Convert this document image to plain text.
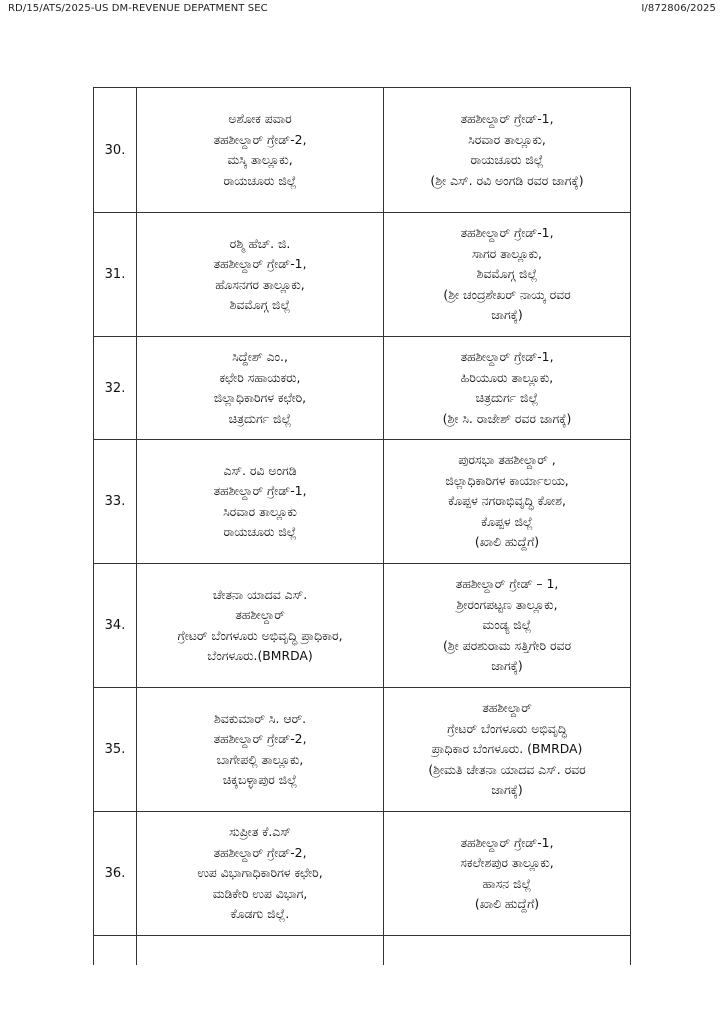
RD/15/ATS/2025-US DM-REVENUE DEPATMENT SEC	I/872806/2025
30.	ಅಶೋಕ ಪವಾರ
ತಹಶೀಲ್ದಾರ್ ಗ್ರೇಡ್-2,
ಮಸ್ಕಿ ತಾಲ್ಲೂಕು,
ರಾಯಚೂರು ಜಿಲ್ಲೆ	ತಹಶೀಲ್ದಾರ್ ಗ್ರೇಡ್-1,
ಸಿರವಾರ ತಾಲ್ಲೂಕು,
ರಾಯಚೂರು ಜಿಲ್ಲೆ
(ಶ್ರೀ ಎಸ್. ರವಿ ಅಂಗಡಿ ರವರ ಜಾಗಕ್ಕೆ)

31.	ರಶ್ಮಿ ಹೆಚ್. ಜಿ.
ತಹಶೀಲ್ದಾರ್ ಗ್ರೇಡ್-1,
ಹೊಸನಗರ ತಾಲ್ಲೂಕು,
ಶಿವಮೊಗ್ಗ ಜಿಲ್ಲೆ	ತಹಶೀಲ್ದಾರ್ ಗ್ರೇಡ್-1,
ಸಾಗರ ತಾಲ್ಲೂಕು,
ಶಿವಮೊಗ್ಗ ಜಿಲ್ಲೆ
(ಶ್ರೀ ಚಂದ್ರಶೇಖರ್ ನಾಯ್ಕ ರವರ
ಜಾಗಕ್ಕೆ)

32.	ಸಿದ್ದೇಶ್ ಎಂ.,
ಕಛೇರಿ ಸಹಾಯಕರು,
ಜಿಲ್ಲಾಧಿಕಾರಿಗಳ ಕಛೇರಿ,
ಚಿತ್ರದುರ್ಗ ಜಿಲ್ಲೆ	ತಹಶೀಲ್ದಾರ್ ಗ್ರೇಡ್-1,
ಹಿರಿಯೂರು ತಾಲ್ಲೂಕು,
ಚಿತ್ರದುರ್ಗ ಜಿಲ್ಲೆ
(ಶ್ರೀ ಸಿ. ರಾಜೇಶ್ ರವರ ಜಾಗಕ್ಕೆ)

33.	ಎಸ್. ರವಿ ಅಂಗಡಿ
ತಹಶೀಲ್ದಾರ್ ಗ್ರೇಡ್-1,
ಸಿರವಾರ ತಾಲ್ಲೂಕು
ರಾಯಚೂರು ಜಿಲ್ಲೆ	ಪುರಸಭಾ ತಹಶೀಲ್ದಾರ್ ,
ಜಿಲ್ಲಾಧಿಕಾರಿಗಳ ಕಾರ್ಯಾಲಯ,
ಕೊಪ್ಪಳ ನಗರಾಭಿವೃದ್ಧಿ ಕೋಶ,
ಕೊಪ್ಪಳ ಜಿಲ್ಲೆ
(ಖಾಲಿ ಹುದ್ದೆಗೆ)

34.	ಚೇತನಾ ಯಾದವ ಎಸ್.
ತಹಶೀಲ್ದಾರ್
ಗ್ರೇಟರ್ ಬೆಂಗಳೂರು ಅಭಿವೃದ್ಧಿ ಪ್ರಾಧಿಕಾರ,
ಬೆಂಗಳೂರು.(BMRDA)	ತಹಶೀಲ್ದಾರ್ ಗ್ರೇಡ್ – 1,
ಶ್ರೀರಂಗಪಟ್ಟಣ ತಾಲ್ಲೂಕು,
ಮಂಡ್ಯ ಜಿಲ್ಲೆ
(ಶ್ರೀ ಪರಶುರಾಮ ಸತ್ತಿಗೇರಿ ರವರ
ಜಾಗಕ್ಕೆ)

35.	ಶಿವಕುಮಾರ್ ಸಿ. ಆರ್.
ತಹಶೀಲ್ದಾರ್ ಗ್ರೇಡ್-2,
ಬಾಗೇಪಲ್ಲಿ ತಾಲ್ಲೂಕು,
ಚಿಕ್ಕಬಳ್ಳಾಪುರ ಜಿಲ್ಲೆ	ತಹಶೀಲ್ದಾರ್
ಗ್ರೇಟರ್ ಬೆಂಗಳೂರು ಅಭಿವೃದ್ಧಿ
ಪ್ರಾಧಿಕಾರ ಬೆಂಗಳೂರು. (BMRDA)
(ಶ್ರೀಮತಿ ಚೇತನಾ ಯಾದವ ಎಸ್. ರವರ
ಜಾಗಕ್ಕೆ)

36.	ಸುಪ್ರೀತ ಕೆ.ಎಸ್
ತಹಶೀಲ್ದಾರ್ ಗ್ರೇಡ್-2,
ಉಪ ವಿಭಾಗಾಧಿಕಾರಿಗಳ ಕಛೇರಿ,
ಮಡಿಕೇರಿ ಉಪ ವಿಭಾಗ,
ಕೊಡಗು ಜಿಲ್ಲೆ.	ತಹಶೀಲ್ದಾರ್ ಗ್ರೇಡ್-1,
ಸಕಲೇಶಪುರ ತಾಲ್ಲೂಕು,
ಹಾಸನ ಜಿಲ್ಲೆ
(ಖಾಲಿ ಹುದ್ದೆಗೆ)
